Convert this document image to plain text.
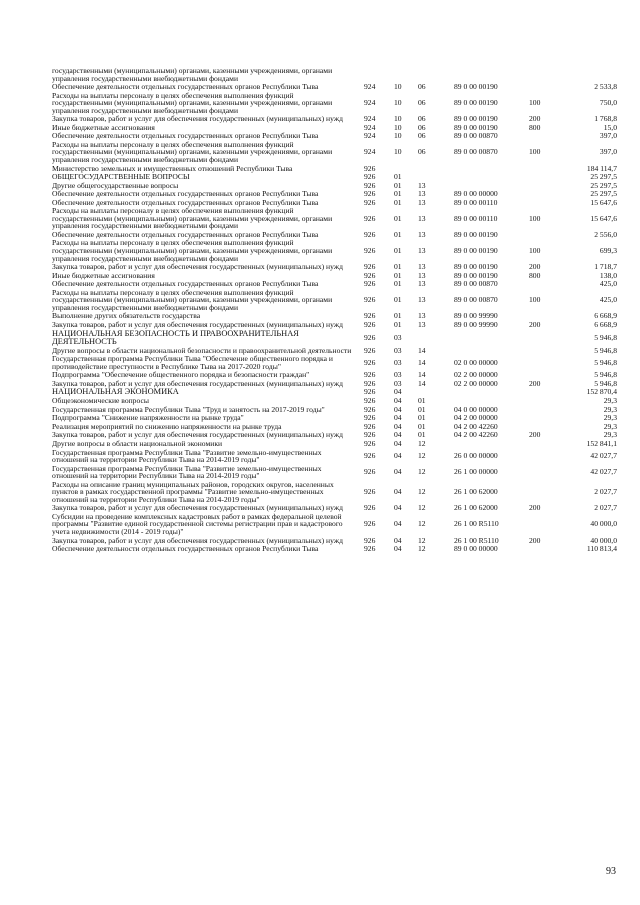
государственными (муниципальными) органами, казенными учреждениями, органами управления государственными внебюджетными фондами
Обеспечение деятельности отдельных государственных органов Республики Тыва	924 10 06	89 0 00 00190	2 533,8
Расходы на выплаты персоналу в целях обеспечения выполнения функций государственными (муниципальными) органами, казенными учреждениями, органами управления государственными внебюджетными фондами
924 10 06	89 0 00 00190	100	750,0
Закупка товаров, работ и услуг для обеспечения государственных (муниципальных) нужд	924 10 06	89 0 00 00190	200	1 768,8
Иные бюджетные ассигнования	924 10 06	89 0 00 00190	800	15,0
Обеспечение деятельности отдельных государственных органов Республики Тыва	924 10 06	89 0 00 00870	397,0
Расходы на выплаты персоналу в целях обеспечения выполнения функций государственными (муниципальными) органами, казенными учреждениями, органами управления государственными внебюджетными фондами
924 10 06	89 0 00 00870	100	397,0
Министерство земельных и имущественных отношений Республики Тыва	926	184 114,7
ОБЩЕГОСУДАРСТВЕННЫЕ ВОПРОСЫ	926 01	25 297,5
Другие общегосударственные вопросы	926 01 13	25 297,5
Обеспечение деятельности отдельных государственных органов Республики Тыва	926 01 13	89 0 00 00000	25 297,5
Обеспечение деятельности отдельных государственных органов Республики Тыва	926 01 13	89 0 00 00110	15 647,6
Расходы на выплаты персоналу в целях обеспечения выполнения функций государственными (муниципальными) органами, казенными учреждениями, органами управления государственными внебюджетными фондами
926 01 13	89 0 00 00110	100	15 647,6
Обеспечение деятельности отдельных государственных органов Республики Тыва	926 01 13	89 0 00 00190	2 556,0
Расходы на выплаты персоналу в целях обеспечения выполнения функций государственными (муниципальными) органами, казенными учреждениями, органами управления государственными внебюджетными фондами
926 01 13	89 0 00 00190	100	699,3
Закупка товаров, работ и услуг для обеспечения государственных (муниципальных) нужд	926 01 13	89 0 00 00190	200	1 718,7
Иные бюджетные ассигнования	926 01 13	89 0 00 00190	800	138,0
Обеспечение деятельности отдельных государственных органов Республики Тыва	926 01 13	89 0 00 00870	425,0
Расходы на выплаты персоналу в целях обеспечения выполнения функций государственными (муниципальными) органами, казенными учреждениями, органами управления государственными внебюджетными фондами
926 01 13	89 0 00 00870	100	425,0
Выполнение других обязательств государства	926 01 13	89 0 00 99990	6 668,9
Закупка товаров, работ и услуг для обеспечения государственных (муниципальных) нужд	926 01 13	89 0 00 99990	200	6 668,9
НАЦИОНАЛЬНАЯ БЕЗОПАСНОСТЬ И ПРАВООХРАНИТЕЛЬНАЯ ДЕЯТЕЛЬНОСТЬ	926 03	5 946,8
Другие вопросы в области национальной безопасности и правоохранительной деятельности	926 03 14	5 946,8
Государственная программа Республики Тыва "Обеспечение общественного порядка и противодействие преступности в Республике Тыва на 2017-2020 годы"	926 03 14	02 0 00 00000	5 946,8
Подпрограмма "Обеспечение общественного порядка и безопасности граждан"	926 03 14	02 2 00 00000	5 946,8
Закупка товаров, работ и услуг для обеспечения государственных (муниципальных) нужд	926 03 14	02 2 00 00000	200	5 946,8
НАЦИОНАЛЬНАЯ ЭКОНОМИКА	926 04	152 870,4
Общеэкономические вопросы	926 04 01	29,3
Государственная программа Республики Тыва "Труд и занятость на 2017-2019 годы"	926 04 01	04 0 00 00000	29,3
Подпрограмма "Снижение напряженности на рынке труда"	926 04 01	04 2 00 00000	29,3
Реализация мероприятий по снижению напряженности на рынке труда	926 04 01	04 2 00 42260	29,3
Закупка товаров, работ и услуг для обеспечения государственных (муниципальных) нужд	926 04 01	04 2 00 42260	200	29,3
Другие вопросы в области национальной экономики	926 04 12	152 841,1
Государственная программа Республики Тыва "Развитие земельно-имущественных отношений на территории Республики Тыва на 2014-2019 годы"	926 04 12	26 0 00 00000	42 027,7
Государственная программа Республики Тыва "Развитие земельно-имущественных отношений на территории Республики Тыва на 2014-2019 годы"	926 04 12	26 1 00 00000	42 027,7
Расходы на описание границ муниципальных районов, городских округов, населенных пунктов в рамках государственной программы "Развитие земельно-имущественных отношений на территории Республики Тыва на 2014-2019 годы"
926 04 12	26 1 00 62000	2 027,7
Закупка товаров, работ и услуг для обеспечения государственных (муниципальных) нужд	926 04 12	26 1 00 62000	200	2 027,7
Субсидии на проведение комплексных кадастровых работ в рамках федеральной целевой программы "Развитие единой государственной системы регистрации прав и кадастрового учета недвижимости (2014 - 2019 годы)"
926 04 12	26 1 00 R5110	40 000,0
Закупка товаров, работ и услуг для обеспечения государственных (муниципальных) нужд	926 04 12	26 1 00 R5110	200	40 000,0
Обеспечение деятельности отдельных государственных органов Республики Тыва	926 04 12	89 0 00 00000	110 813,4
93
